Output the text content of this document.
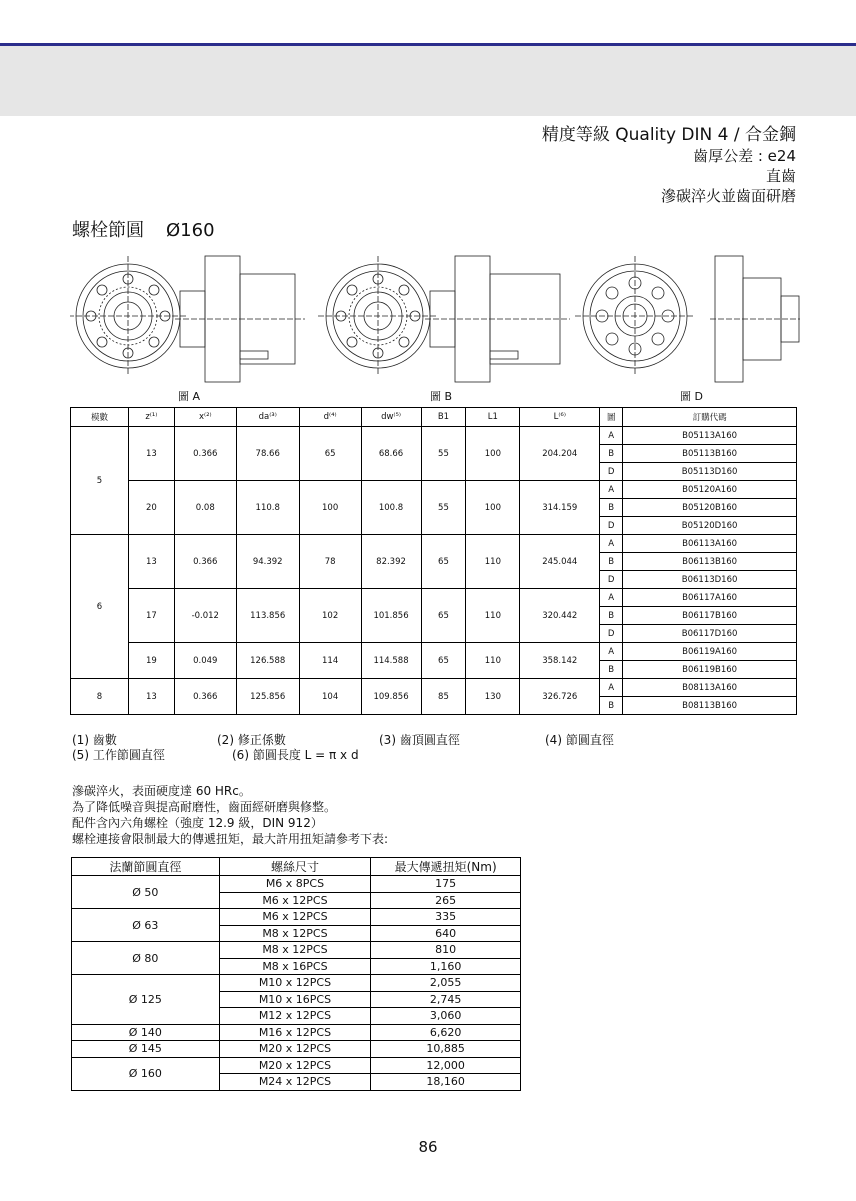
精度等級 Quality DIN 4 / 合金鋼
齒厚公差 : e24
直齒
滲碳淬火並齒面研磨
螺栓節圓 Ø160
圖 A	圖 B	圖 D
模數	z⁽¹⁾	x⁽²⁾	da⁽³⁾	d⁽⁴⁾	dw⁽⁵⁾	B1	L1	L⁽⁶⁾	圖	訂購代碼
5	13	0.366	78.66	65	68.66	55	100	204.204	A	B05113A160
									B	B05113B160
									D	B05113D160
	20	0.08	110.8	100	100.8	55	100	314.159	A	B05120A160
									B	B05120B160
									D	B05120D160
6	13	0.366	94.392	78	82.392	65	110	245.044	A	B06113A160
									B	B06113B160
									D	B06113D160
	17	-0.012	113.856	102	101.856	65	110	320.442	A	B06117A160
									B	B06117B160
									D	B06117D160
	19	0.049	126.588	114	114.588	65	110	358.142	A	B06119A160
									B	B06119B160
8	13	0.366	125.856	104	109.856	85	130	326.726	A	B08113A160
									B	B08113B160
(1) 齒數	(2) 修正係數	(3) 齒頂圓直徑	(4) 節圓直徑
(5) 工作節圓直徑	(6) 節圓長度 L = π x d
滲碳淬火，表面硬度達 60 HRc。
為了降低噪音與提高耐磨性，齒面經研磨與修整。
配件含內六角螺栓（強度 12.9 級，DIN 912）
螺栓連接會限制最大的傳遞扭矩，最大許用扭矩請參考下表:
法蘭節圓直徑	螺絲尺寸	最大傳遞扭矩(Nm)
Ø 50	M6 x 8PCS	175
	M6 x 12PCS	265
Ø 63	M6 x 12PCS	335
	M8 x 12PCS	640
Ø 80	M8 x 12PCS	810
	M8 x 16PCS	1,160
Ø 125	M10 x 12PCS	2,055
	M10 x 16PCS	2,745
	M12 x 12PCS	3,060
Ø 140	M16 x 12PCS	6,620
Ø 145	M20 x 12PCS	10,885
Ø 160	M20 x 12PCS	12,000
	M24 x 12PCS	18,160
86
